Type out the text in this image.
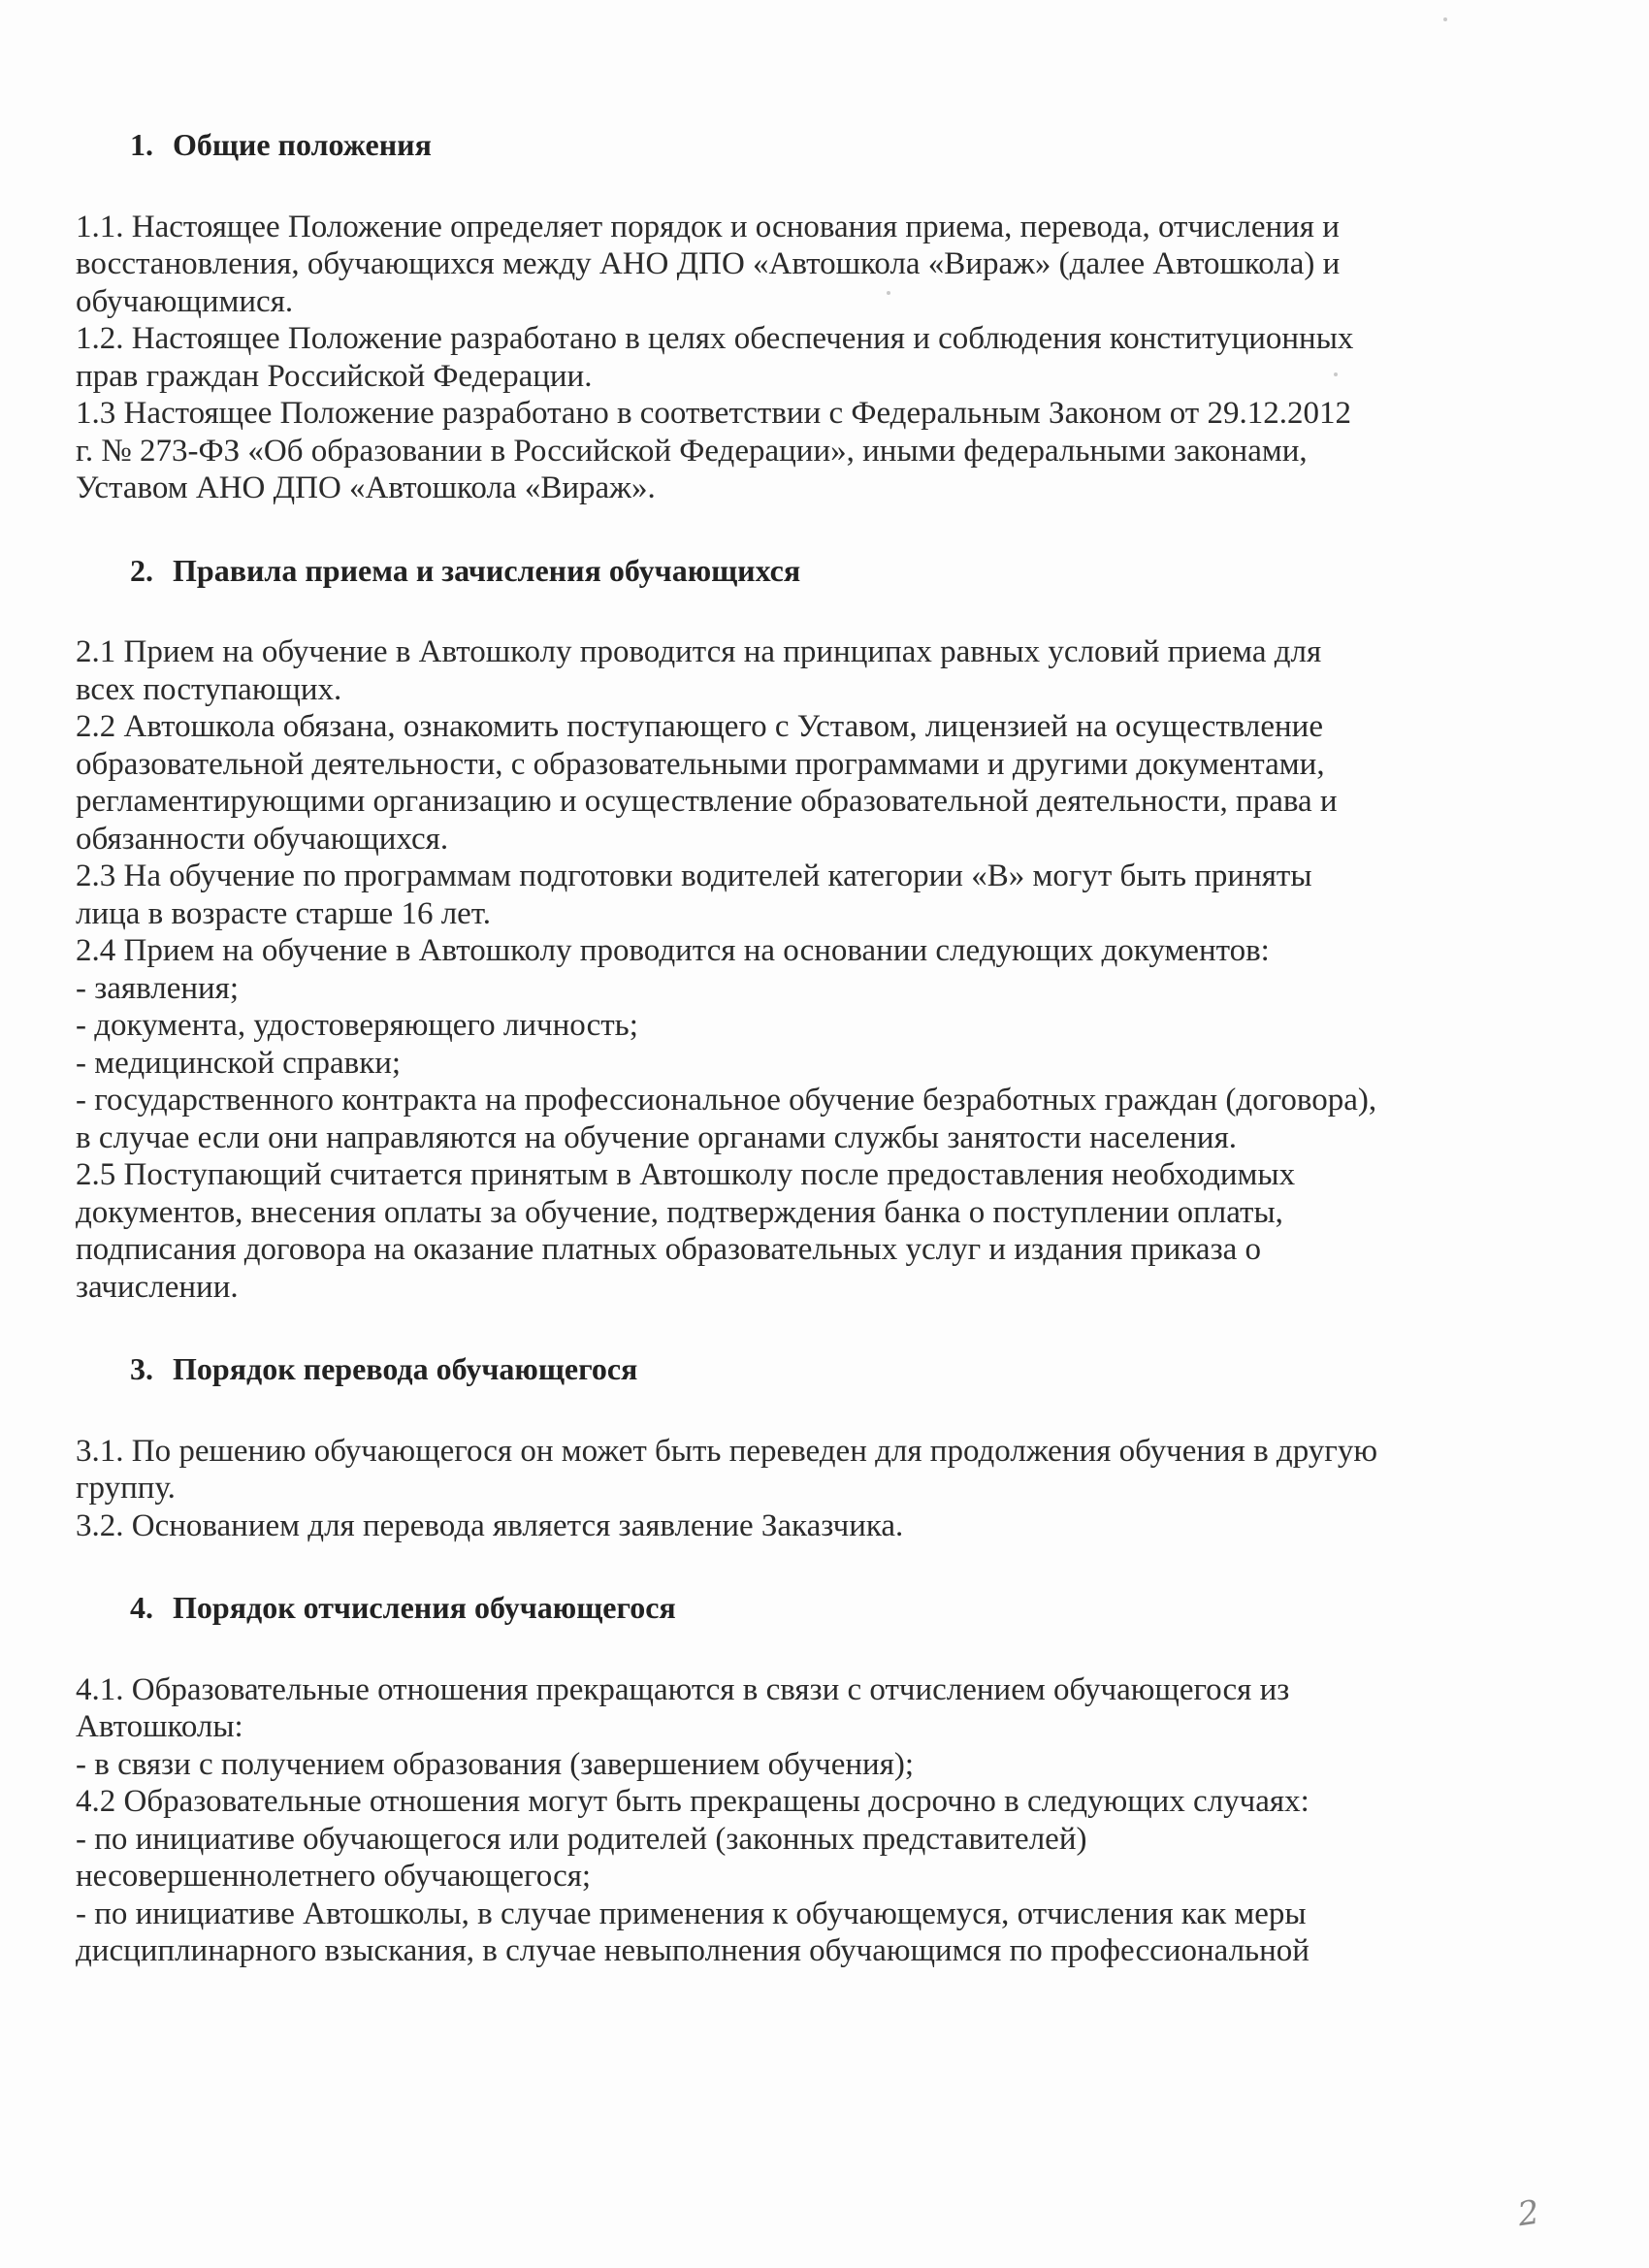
1. Общие положения

1.1. Настоящее Положение определяет порядок и основания приема, перевода, отчисления и
восстановления, обучающихся между АНО ДПО «Автошкола «Вираж» (далее Автошкола) и
обучающимися.

1.2. Настоящее Положение разработано в целях обеспечения и соблюдения конституционных
прав граждан Российской Федерации.

1.3 Настоящее Положение разработано в соответствии с Федеральным Законом от 29.12.2012
г. № 273-ФЗ «Об образовании в Российской Федерации», иными федеральными законами,
Уставом АНО ДПО «Автошкола «Вираж».

2. Правила приема и зачисления обучающихся

2.1 Прием на обучение в Автошколу проводится на принципах равных условий приема для
всех поступающих.

2.2 Автошкола обязана, ознакомить поступающего с Уставом, лицензией на осуществление
образовательной деятельности, с образовательными программами и другими документами,
регламентирующими организацию и осуществление образовательной деятельности, права и
обязанности обучающихся.

2.3 На обучение по программам подготовки водителей категории «В» могут быть приняты
лица в возрасте старше 16 лет.

2.4 Прием на обучение в Автошколу проводится на основании следующих документов:

- заявления;

- документа, удостоверяющего личность;

- медицинской справки;

- государственного контракта на профессиональное обучение безработных граждан (договора),
в случае если они направляются на обучение органами службы занятости населения.

2.5 Поступающий считается принятым в Автошколу после предоставления необходимых
документов, внесения оплаты за обучение, подтверждения банка о поступлении оплаты,
подписания договора на оказание платных образовательных услуг и издания приказа о
зачислении.

3. Порядок перевода обучающегося

3.1. По решению обучающегося он может быть переведен для продолжения обучения в другую
группу.

3.2. Основанием для перевода является заявление Заказчика.

4. Порядок отчисления обучающегося

4.1. Образовательные отношения прекращаются в связи с отчислением обучающегося из
Автошколы:

- в связи с получением образования (завершением обучения);

4.2 Образовательные отношения могут быть прекращены досрочно в следующих случаях:

- по инициативе обучающегося или родителей (законных представителей)
несовершеннолетнего обучающегося;

- по инициативе Автошколы, в случае применения к обучающемуся, отчисления как меры
дисциплинарного взыскания, в случае невыполнения обучающимся по профессиональной

2
